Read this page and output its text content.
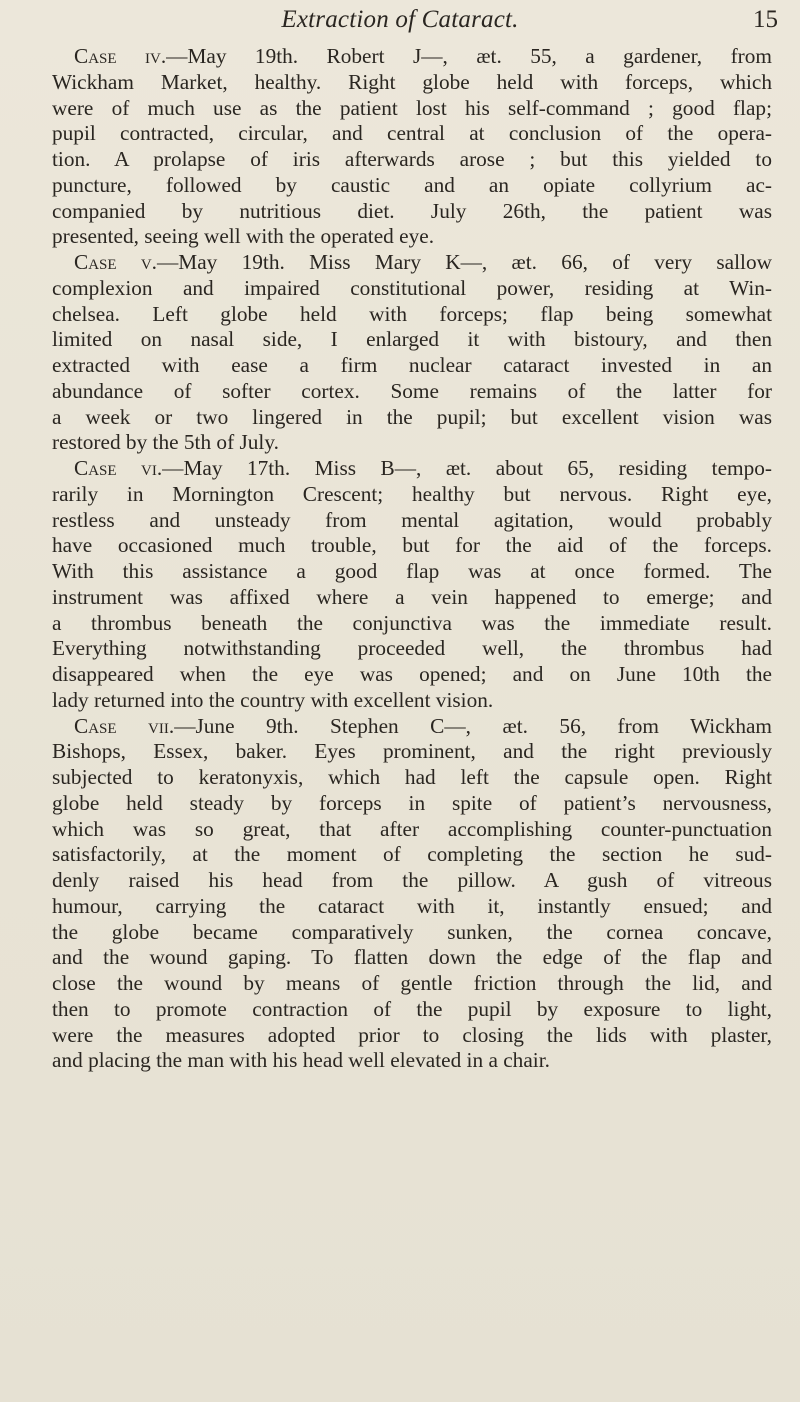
Extraction of Cataract.	15
Case iv.—May 19th. Robert J—, æt. 55, a gardener, from
Wickham Market, healthy. Right globe held with forceps, which
were of much use as the patient lost his self-command ; good flap;
pupil contracted, circular, and central at conclusion of the opera-
tion. A prolapse of iris afterwards arose ; but this yielded to
puncture, followed by caustic and an opiate collyrium ac-
companied by nutritious diet. July 26th, the patient was
presented, seeing well with the operated eye.
Case v.—May 19th. Miss Mary K—, æt. 66, of very sallow
complexion and impaired constitutional power, residing at Win-
chelsea. Left globe held with forceps; flap being somewhat
limited on nasal side, I enlarged it with bistoury, and then
extracted with ease a firm nuclear cataract invested in an
abundance of softer cortex. Some remains of the latter for
a week or two lingered in the pupil; but excellent vision was
restored by the 5th of July.
Case vi.—May 17th. Miss B—, æt. about 65, residing tempo-
rarily in Mornington Crescent; healthy but nervous. Right eye,
restless and unsteady from mental agitation, would probably
have occasioned much trouble, but for the aid of the forceps.
With this assistance a good flap was at once formed. The
instrument was affixed where a vein happened to emerge; and
a thrombus beneath the conjunctiva was the immediate result.
Everything notwithstanding proceeded well, the thrombus had
disappeared when the eye was opened; and on June 10th the
lady returned into the country with excellent vision.
Case vii.—June 9th. Stephen C—, æt. 56, from Wickham
Bishops, Essex, baker. Eyes prominent, and the right previously
subjected to keratonyxis, which had left the capsule open. Right
globe held steady by forceps in spite of patient’s nervousness,
which was so great, that after accomplishing counter-punctuation
satisfactorily, at the moment of completing the section he sud-
denly raised his head from the pillow. A gush of vitreous
humour, carrying the cataract with it, instantly ensued; and
the globe became comparatively sunken, the cornea concave,
and the wound gaping. To flatten down the edge of the flap and
close the wound by means of gentle friction through the lid, and
then to promote contraction of the pupil by exposure to light,
were the measures adopted prior to closing the lids with plaster,
and placing the man with his head well elevated in a chair.
